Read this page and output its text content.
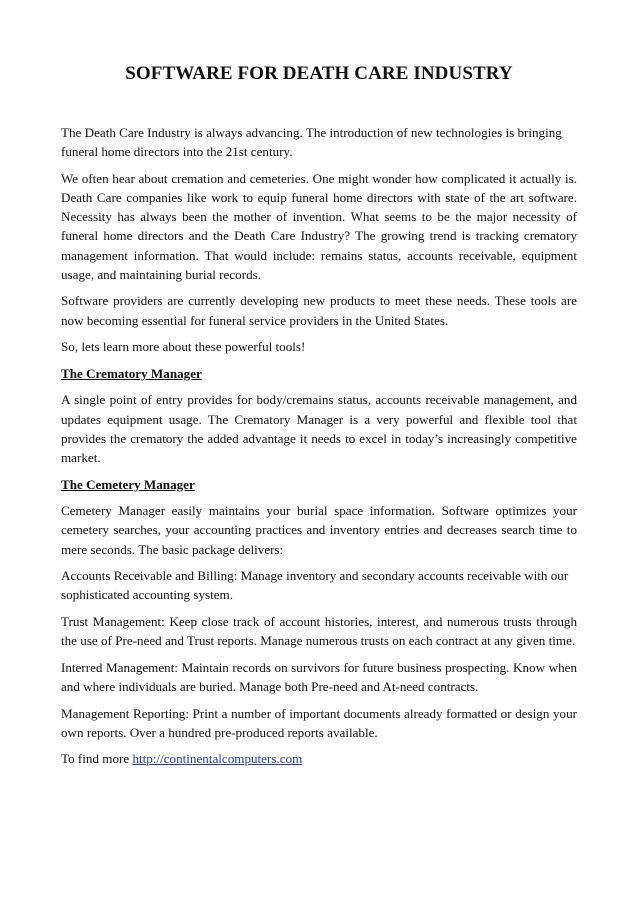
SOFTWARE FOR DEATH CARE INDUSTRY

The Death Care Industry is always advancing. The introduction of new technologies is bringing funeral home directors into the 21st century.

We often hear about cremation and cemeteries. One might wonder how complicated it actually is. Death Care companies like work to equip funeral home directors with state of the art software. Necessity has always been the mother of invention. What seems to be the major necessity of funeral home directors and the Death Care Industry? The growing trend is tracking crematory management information. That would include: remains status, accounts receivable, equipment usage, and maintaining burial records.

Software providers are currently developing new products to meet these needs. These tools are now becoming essential for funeral service providers in the United States.

So, lets learn more about these powerful tools!

The Crematory Manager

A single point of entry provides for body/cremains status, accounts receivable management, and updates equipment usage. The Crematory Manager is a very powerful and flexible tool that provides the crematory the added advantage it needs to excel in today’s increasingly competitive market.

The Cemetery Manager

Cemetery Manager easily maintains your burial space information. Software optimizes your cemetery searches, your accounting practices and inventory entries and decreases search time to mere seconds. The basic package delivers:

Accounts Receivable and Billing: Manage inventory and secondary accounts receivable with our sophisticated accounting system.

Trust Management: Keep close track of account histories, interest, and numerous trusts through the use of Pre-need and Trust reports. Manage numerous trusts on each contract at any given time.

Interred Management: Maintain records on survivors for future business prospecting. Know when and where individuals are buried. Manage both Pre-need and At-need contracts.

Management Reporting: Print a number of important documents already formatted or design your own reports. Over a hundred pre-produced reports available.

To find more http://continentalcomputers.com
